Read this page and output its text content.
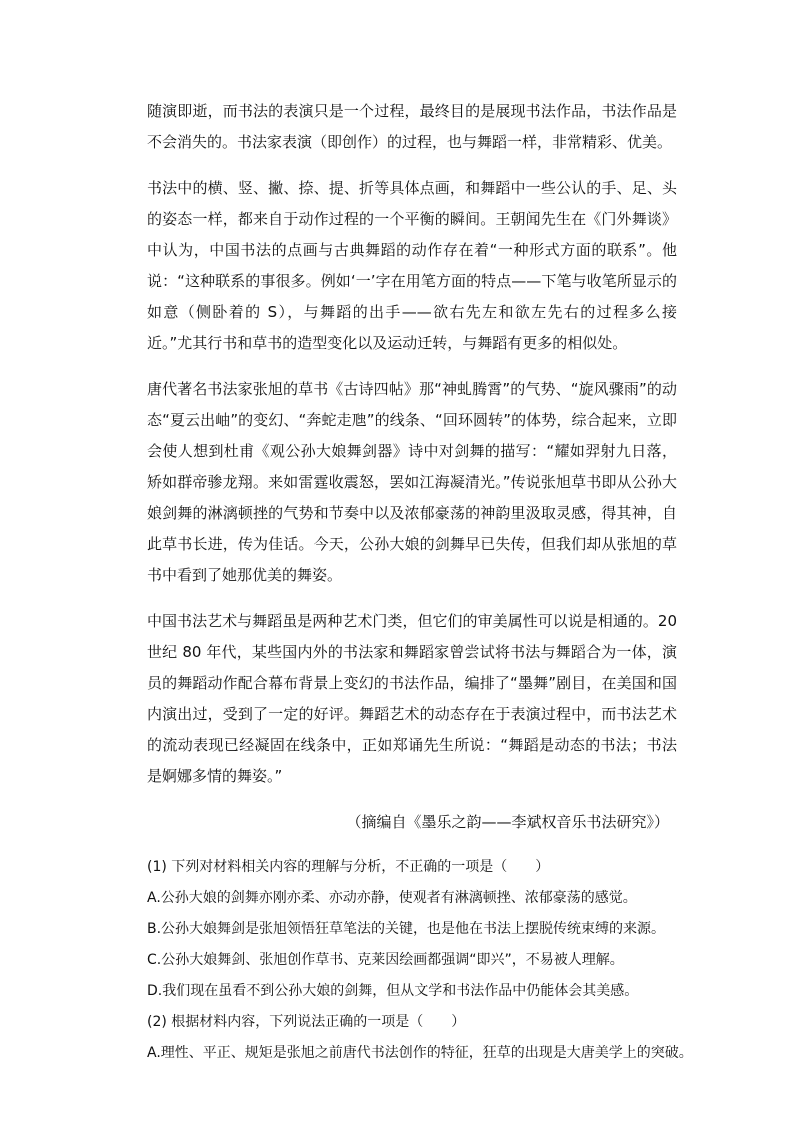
随演即逝，而书法的表演只是一个过程，最终目的是展现书法作品，书法作品是不会消失的。书法家表演（即创作）的过程，也与舞蹈一样，非常精彩、优美。

书法中的横、竖、撇、捺、提、折等具体点画，和舞蹈中一些公认的手、足、头的姿态一样，都来自于动作过程的一个平衡的瞬间。王朝闻先生在《门外舞谈》中认为，中国书法的点画与古典舞蹈的动作存在着“一种形式方面的联系”。他说：“这种联系的事很多。例如‘一’字在用笔方面的特点——下笔与收笔所显示的如意（侧卧着的 S），与舞蹈的出手——欲右先左和欲左先右的过程多么接近。”尤其行书和草书的造型变化以及运动迁转，与舞蹈有更多的相似处。

唐代著名书法家张旭的草书《古诗四帖》那“神虬腾霄”的气势、“旋风骤雨”的动态“夏云出岫”的变幻、“奔蛇走虺”的线条、“回环圆转”的体势，综合起来，立即会使人想到杜甫《观公孙大娘舞剑器》诗中对剑舞的描写：“耀如羿射九日落，矫如群帝骖龙翔。来如雷霆收震怒，罢如江海凝清光。”传说张旭草书即从公孙大娘剑舞的淋漓顿挫的气势和节奏中以及浓郁豪荡的神韵里汲取灵感，得其神，自此草书长进，传为佳话。今天，公孙大娘的剑舞早已失传，但我们却从张旭的草书中看到了她那优美的舞姿。

中国书法艺术与舞蹈虽是两种艺术门类，但它们的审美属性可以说是相通的。20 世纪 80 年代，某些国内外的书法家和舞蹈家曾尝试将书法与舞蹈合为一体，演员的舞蹈动作配合幕布背景上变幻的书法作品，编排了“墨舞”剧目，在美国和国内演出过，受到了一定的好评。舞蹈艺术的动态存在于表演过程中，而书法艺术的流动表现已经凝固在线条中，正如郑诵先生所说：“舞蹈是动态的书法；书法是婀娜多情的舞姿。”

（摘编自《墨乐之韵——李斌权音乐书法研究》）

(1) 下列对材料相关内容的理解与分析，不正确的一项是（　　）

A.公孙大娘的剑舞亦刚亦柔、亦动亦静，使观者有淋漓顿挫、浓郁豪荡的感觉。

B.公孙大娘舞剑是张旭领悟狂草笔法的关键，也是他在书法上摆脱传统束缚的来源。

C.公孙大娘舞剑、张旭创作草书、克莱因绘画都强调“即兴”，不易被人理解。

D.我们现在虽看不到公孙大娘的剑舞，但从文学和书法作品中仍能体会其美感。

(2) 根据材料内容，下列说法正确的一项是（　　）

A.理性、平正、规矩是张旭之前唐代书法创作的特征，狂草的出现是大唐美学上的突破。
